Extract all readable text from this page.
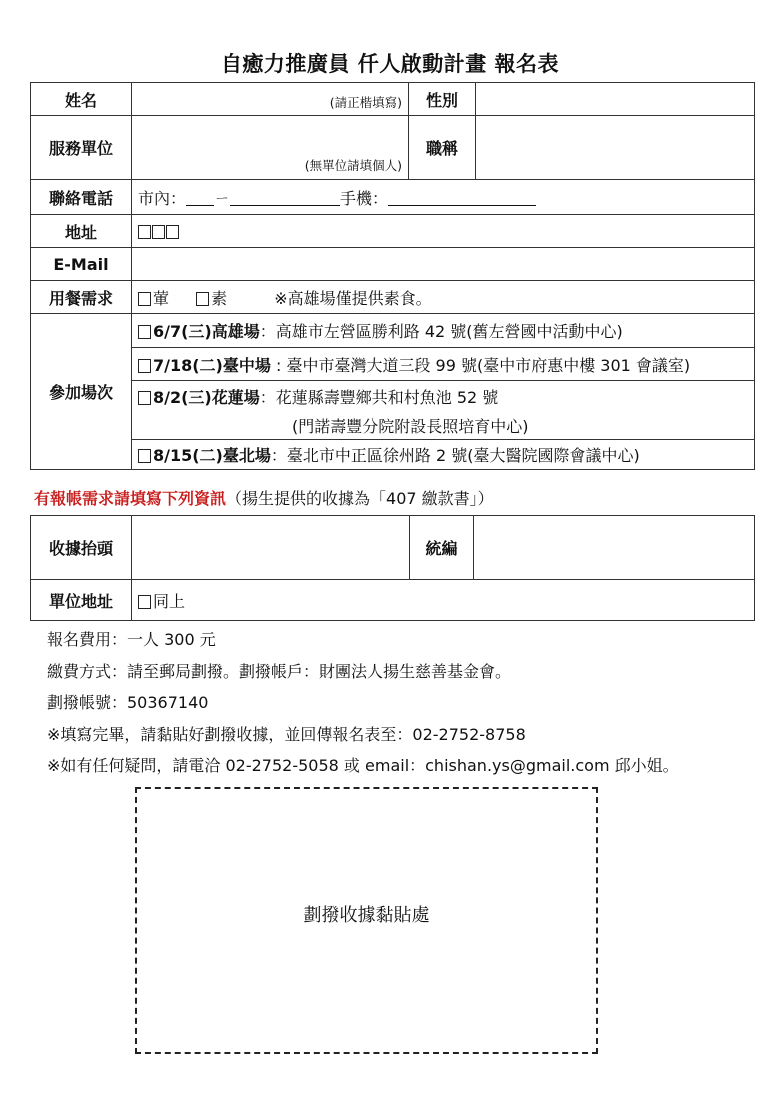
自癒力推廣員 仟人啟動計畫 報名表
姓名	(請正楷填寫)	性別	
服務單位	(無單位請填個人)	職稱	
聯絡電話	市內： ㄧ 手機：		
地址			
E-Mail			
用餐需求	葷 素 ※高雄場僅提供素食。		
參加場次	6/7(三)高雄場：高雄市左營區勝利路 42 號(舊左營國中活動中心)		
	7/18(二)臺中場 : 臺中市臺灣大道三段 99 號(臺中市府惠中樓 301 會議室)		
	8/2(三)花蓮場：花蓮縣壽豐鄉共和村魚池 52 號		
	(門諾壽豐分院附設長照培育中心)		
	8/15(二)臺北場：臺北市中正區徐州路 2 號(臺大醫院國際會議中心)		
有報帳需求請填寫下列資訊（揚生提供的收據為「407 繳款書」）
收據抬頭		統編	
單位地址	同上		
報名費用：一人 300 元
繳費方式：請至郵局劃撥。劃撥帳戶：財團法人揚生慈善基金會。
劃撥帳號：50367140
※填寫完畢，請黏貼好劃撥收據，並回傳報名表至：02-2752-8758
※如有任何疑問，請電洽 02-2752-5058 或 email：chishan.ys@gmail.com 邱小姐。
劃撥收據黏貼處
